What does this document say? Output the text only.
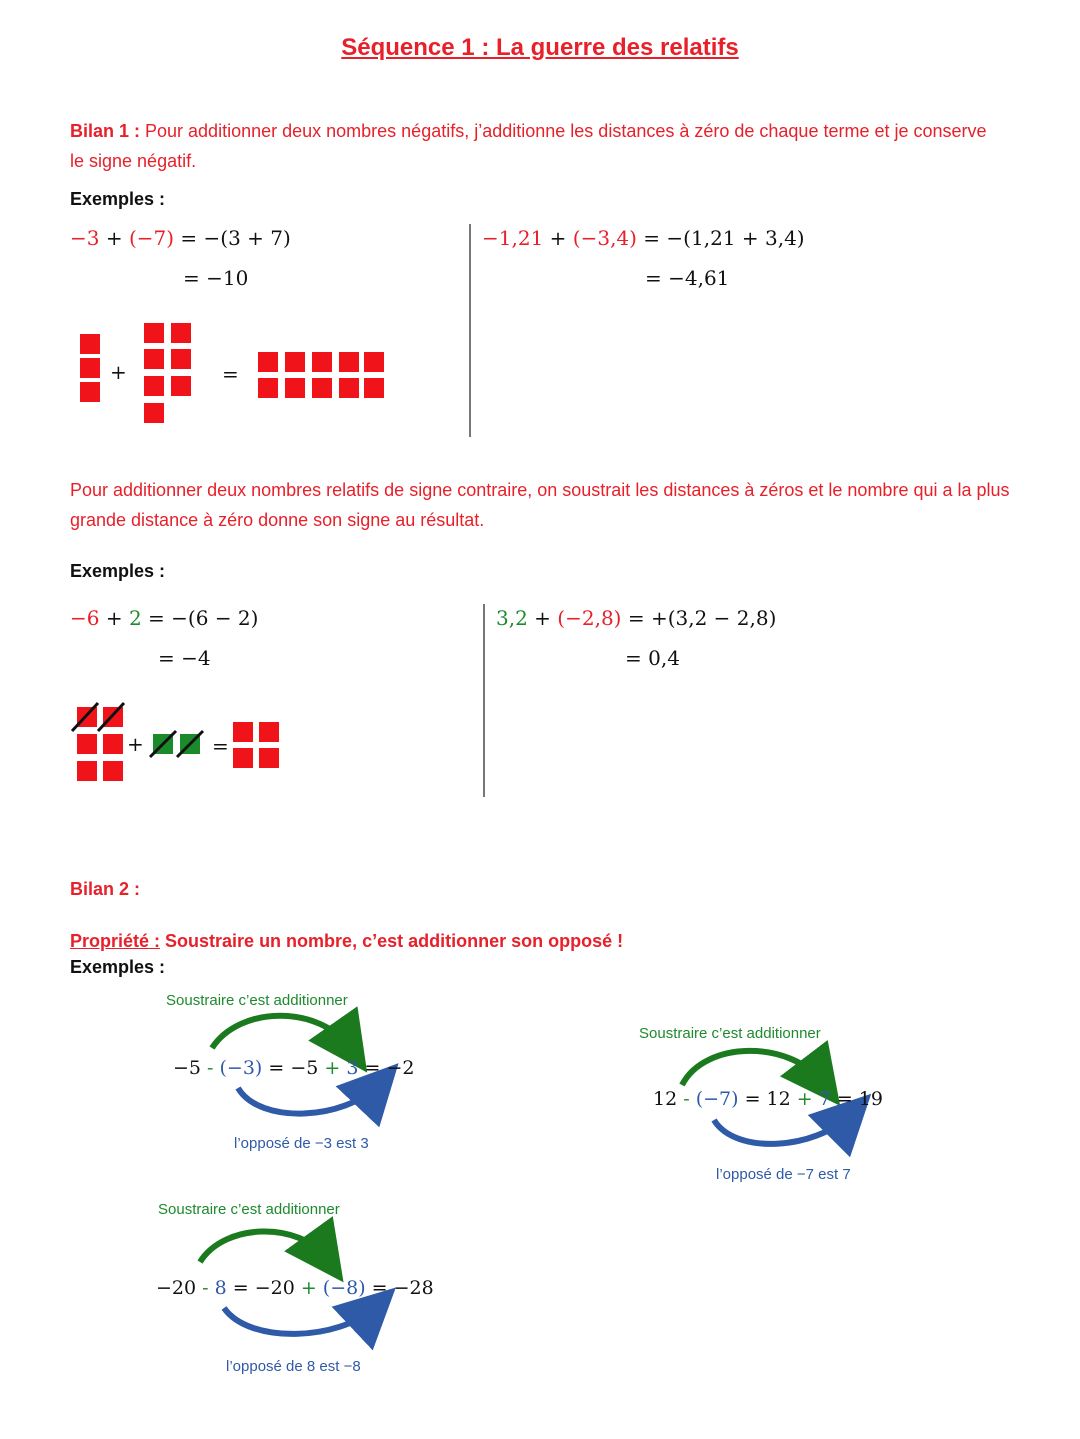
Séquence 1 : La guerre des relatifs
Bilan 1 : Pour additionner deux nombres négatifs, j’additionne les distances à zéro de chaque terme et je conserve le signe négatif.
Exemples :
−3 + (−7) = −(3 + 7)
= −10
+	=
−1,21 + (−3,4) = −(1,21 + 3,4)
= −4,61
Pour additionner deux nombres relatifs de signe contraire, on soustrait les distances à zéros et le nombre qui a la plus grande distance à zéro donne son signe au résultat.
Exemples :
−6 + 2 = −(6 − 2)
= −4
+	=
3,2 + (−2,8) = +(3,2 − 2,8)
= 0,4
Bilan 2 :
Propriété : Soustraire un nombre, c’est additionner son opposé !
Exemples :
Soustraire c’est additionner
−5 - (−3) = −5 + 3 = −2
l’opposé de −3 est 3
Soustraire c’est additionner
12 - (−7) = 12 + 7 = 19
l’opposé de −7 est 7
Soustraire c’est additionner
−20 - 8 = −20 + (−8) = −28
l’opposé de 8 est −8
